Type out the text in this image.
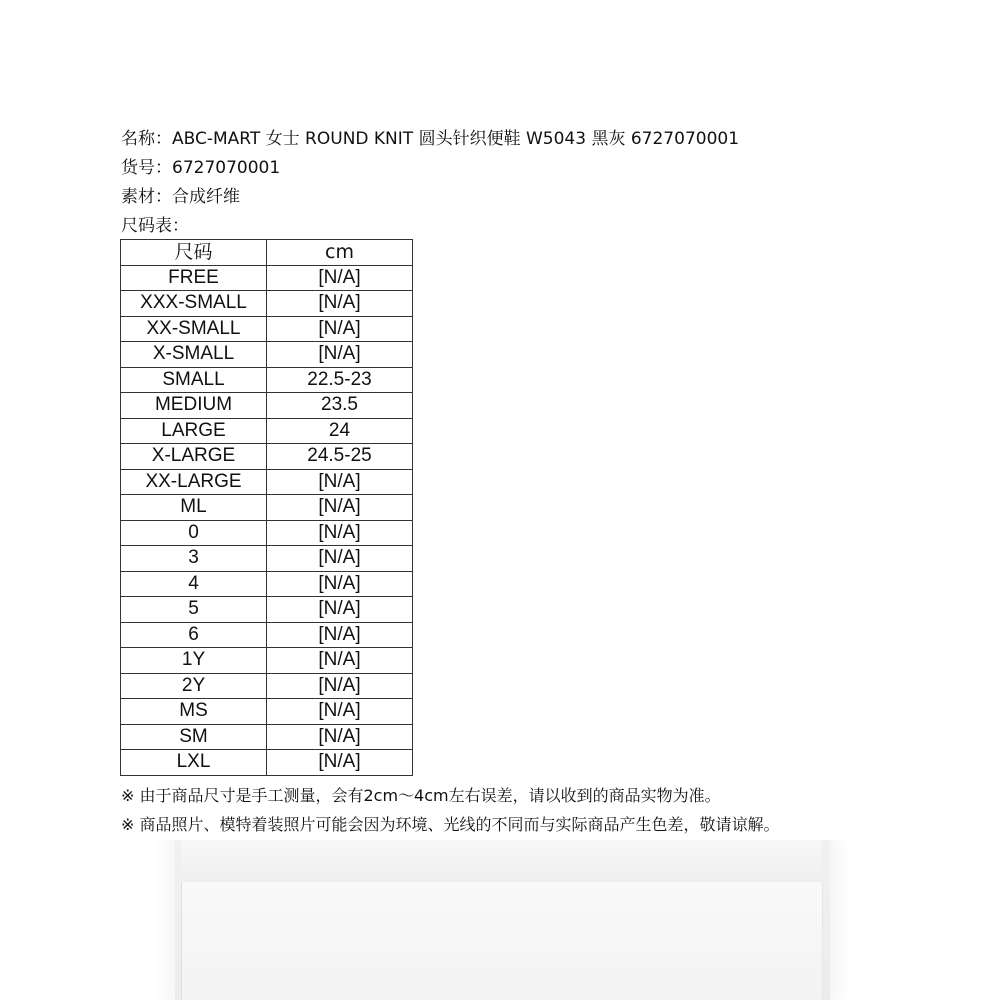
名称：ABC-MART 女士 ROUND KNIT 圆头针织便鞋 W5043 黑灰 6727070001
货号：6727070001
素材：合成纤维
尺码表：
尺码	cm
FREE	[N/A]
XXX-SMALL	[N/A]
XX-SMALL	[N/A]
X-SMALL	[N/A]
SMALL	22.5-23
MEDIUM	23.5
LARGE	24
X-LARGE	24.5-25
XX-LARGE	[N/A]
ML	[N/A]
0	[N/A]
3	[N/A]
4	[N/A]
5	[N/A]
6	[N/A]
1Y	[N/A]
2Y	[N/A]
MS	[N/A]
SM	[N/A]
LXL	[N/A]
※ 由于商品尺寸是手工测量，会有2cm～4cm左右误差，请以收到的商品实物为准。
※ 商品照片、模特着装照片可能会因为环境、光线的不同而与实际商品产生色差，敬请谅解。
